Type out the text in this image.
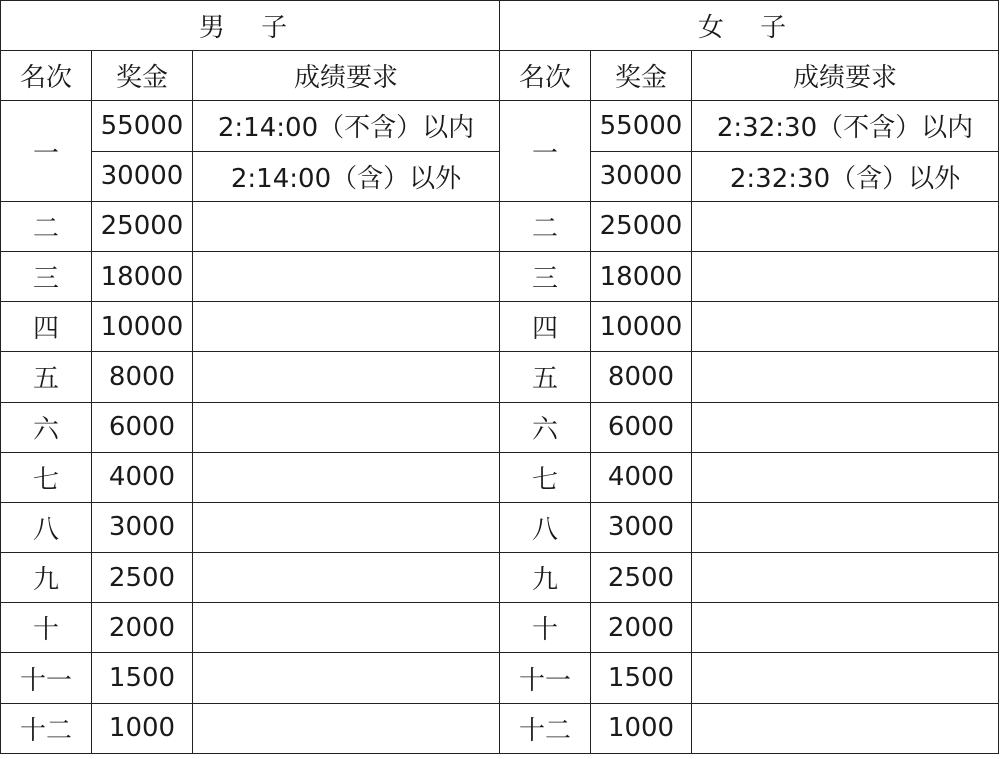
男 子			女 子		
名次	奖金	成绩要求	名次	奖金	成绩要求
一	55000	2:14:00（不含）以内	一	55000	2:32:30（不含）以内
	30000	2:14:00（含）以外		30000	2:32:30（含）以外
二	25000		二	25000	
三	18000		三	18000	
四	10000		四	10000	
五	8000		五	8000	
六	6000		六	6000	
七	4000		七	4000	
八	3000		八	3000	
九	2500		九	2500	
十	2000		十	2000	
十一	1500		十一	1500	
十二	1000		十二	1000	
